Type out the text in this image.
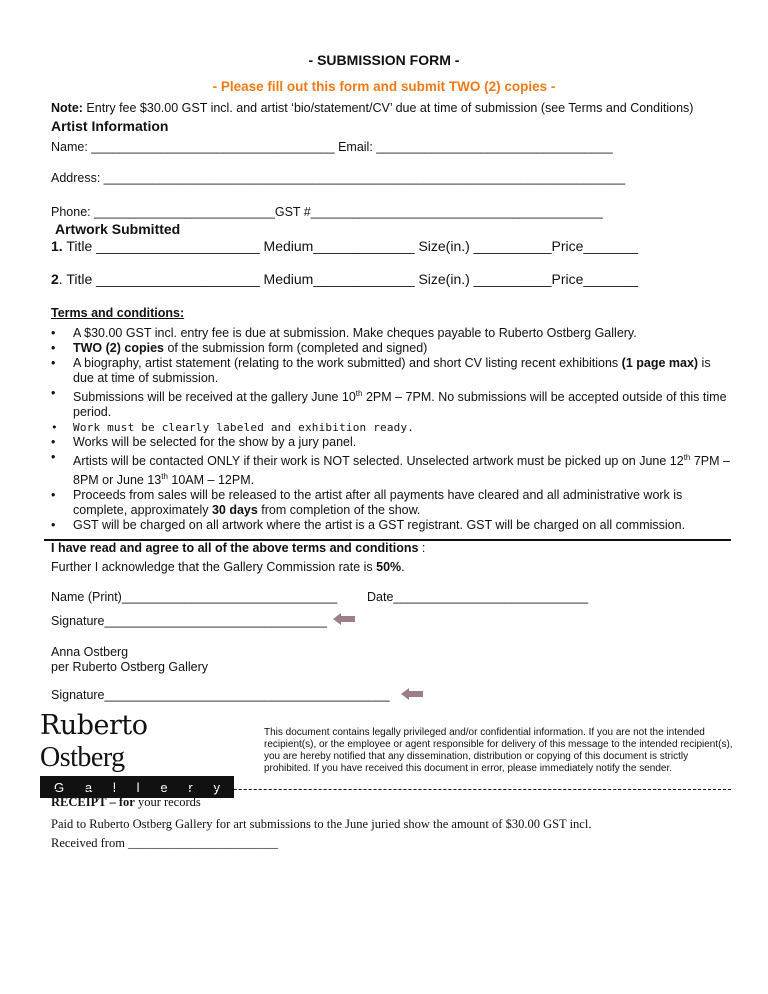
- SUBMISSION FORM -
- Please fill out this form and submit TWO (2) copies -
Note: Entry fee $30.00 GST incl. and artist ‘bio/statement/CV’ due at time of submission (see Terms and Conditions)
Artist Information
Name: ___________________________________ Email: __________________________________
Address: ___________________________________________________________________________
Phone: __________________________GST #__________________________________________
Artwork Submitted
1. Title _____________________ Medium_____________ Size(in.) __________Price_______
2. Title _____________________ Medium_____________ Size(in.) __________Price_______
Terms and conditions:
• A $30.00 GST incl. entry fee is due at submission. Make cheques payable to Ruberto Ostberg Gallery.
• TWO (2) copies of the submission form (completed and signed)
• A biography, artist statement (relating to the work submitted) and short CV listing recent exhibitions (1 page max) is due at time of submission.
• Submissions will be received at the gallery June 10th 2PM – 7PM. No submissions will be accepted outside of this time period.
• Work must be clearly labeled and exhibition ready.
• Works will be selected for the show by a jury panel.
• Artists will be contacted ONLY if their work is NOT selected. Unselected artwork must be picked up on June 12th 7PM – 8PM or June 13th 10AM – 12PM.
• Proceeds from sales will be released to the artist after all payments have cleared and all administrative work is complete, approximately 30 days from completion of the show.
• GST will be charged on all artwork where the artist is a GST registrant. GST will be charged on all commission.
I have read and agree to all of the above terms and conditions :
Further I acknowledge that the Gallery Commission rate is 50%.
Name (Print)_______________________________ Date____________________________
Signature________________________________
Anna Ostberg
per Ruberto Ostberg Gallery
Signature_________________________________________
Ruberto Ostberg
G a l l e r y
This document contains legally privileged and/or confidential information. If you are not the intended recipient(s), or the employee or agent responsible for delivery of this message to the intended recipient(s), you are hereby notified that any dissemination, distribution or copying of this document is strictly prohibited. If you have received this document in error, please immediately notify the sender.
RECEIPT – for your records
Paid to Ruberto Ostberg Gallery for art submissions to the June juried show the amount of $30.00 GST incl.
Received from ________________________
